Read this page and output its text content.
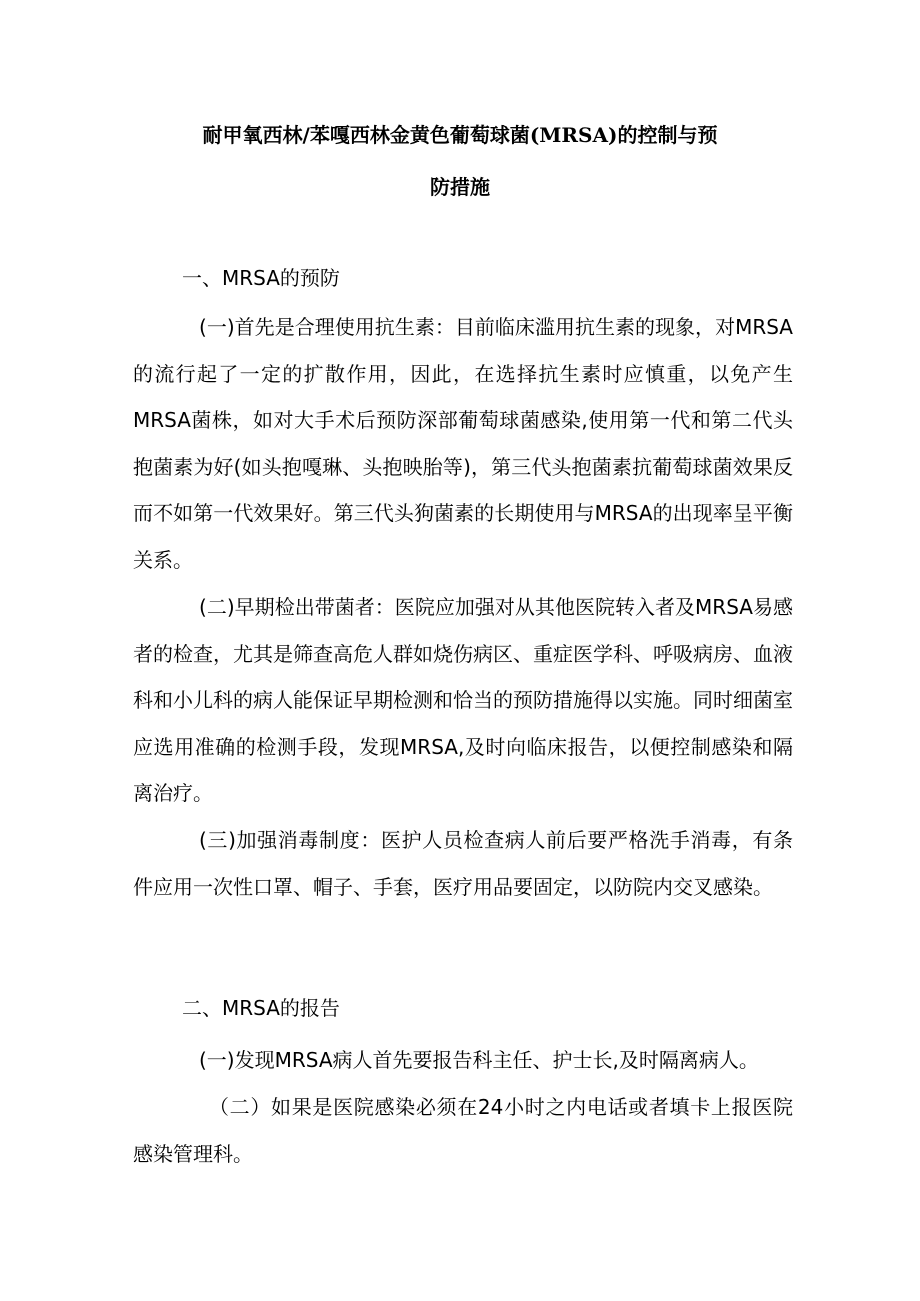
耐甲氧西林/苯嘎西林金黄色葡萄球菌(MRSA)的控制与预
防措施
一、MRSA的预防
(一)首先是合理使用抗生素：目前临床滥用抗生素的现象，对MRSA的流行起了一定的扩散作用，因此，在选择抗生素时应慎重，以免产生MRSA菌株，如对大手术后预防深部葡萄球菌感染,使用第一代和第二代头抱菌素为好(如头抱嘎琳、头抱映胎等)，第三代头抱菌素抗葡萄球菌效果反而不如第一代效果好。第三代头狗菌素的长期使用与MRSA的出现率呈平衡关系。
(二)早期检出带菌者：医院应加强对从其他医院转入者及MRSA易感者的检查，尤其是筛查高危人群如烧伤病区、重症医学科、呼吸病房、血液科和小儿科的病人能保证早期检测和恰当的预防措施得以实施。同时细菌室应选用准确的检测手段，发现MRSA,及时向临床报告，以便控制感染和隔离治疗。
(三)加强消毒制度：医护人员检查病人前后要严格洗手消毒，有条件应用一次性口罩、帽子、手套，医疗用品要固定，以防院内交叉感染。
二、MRSA的报告
(一)发现MRSA病人首先要报告科主任、护士长,及时隔离病人。
（二）如果是医院感染必须在24小时之内电话或者填卡上报医院感染管理科。
